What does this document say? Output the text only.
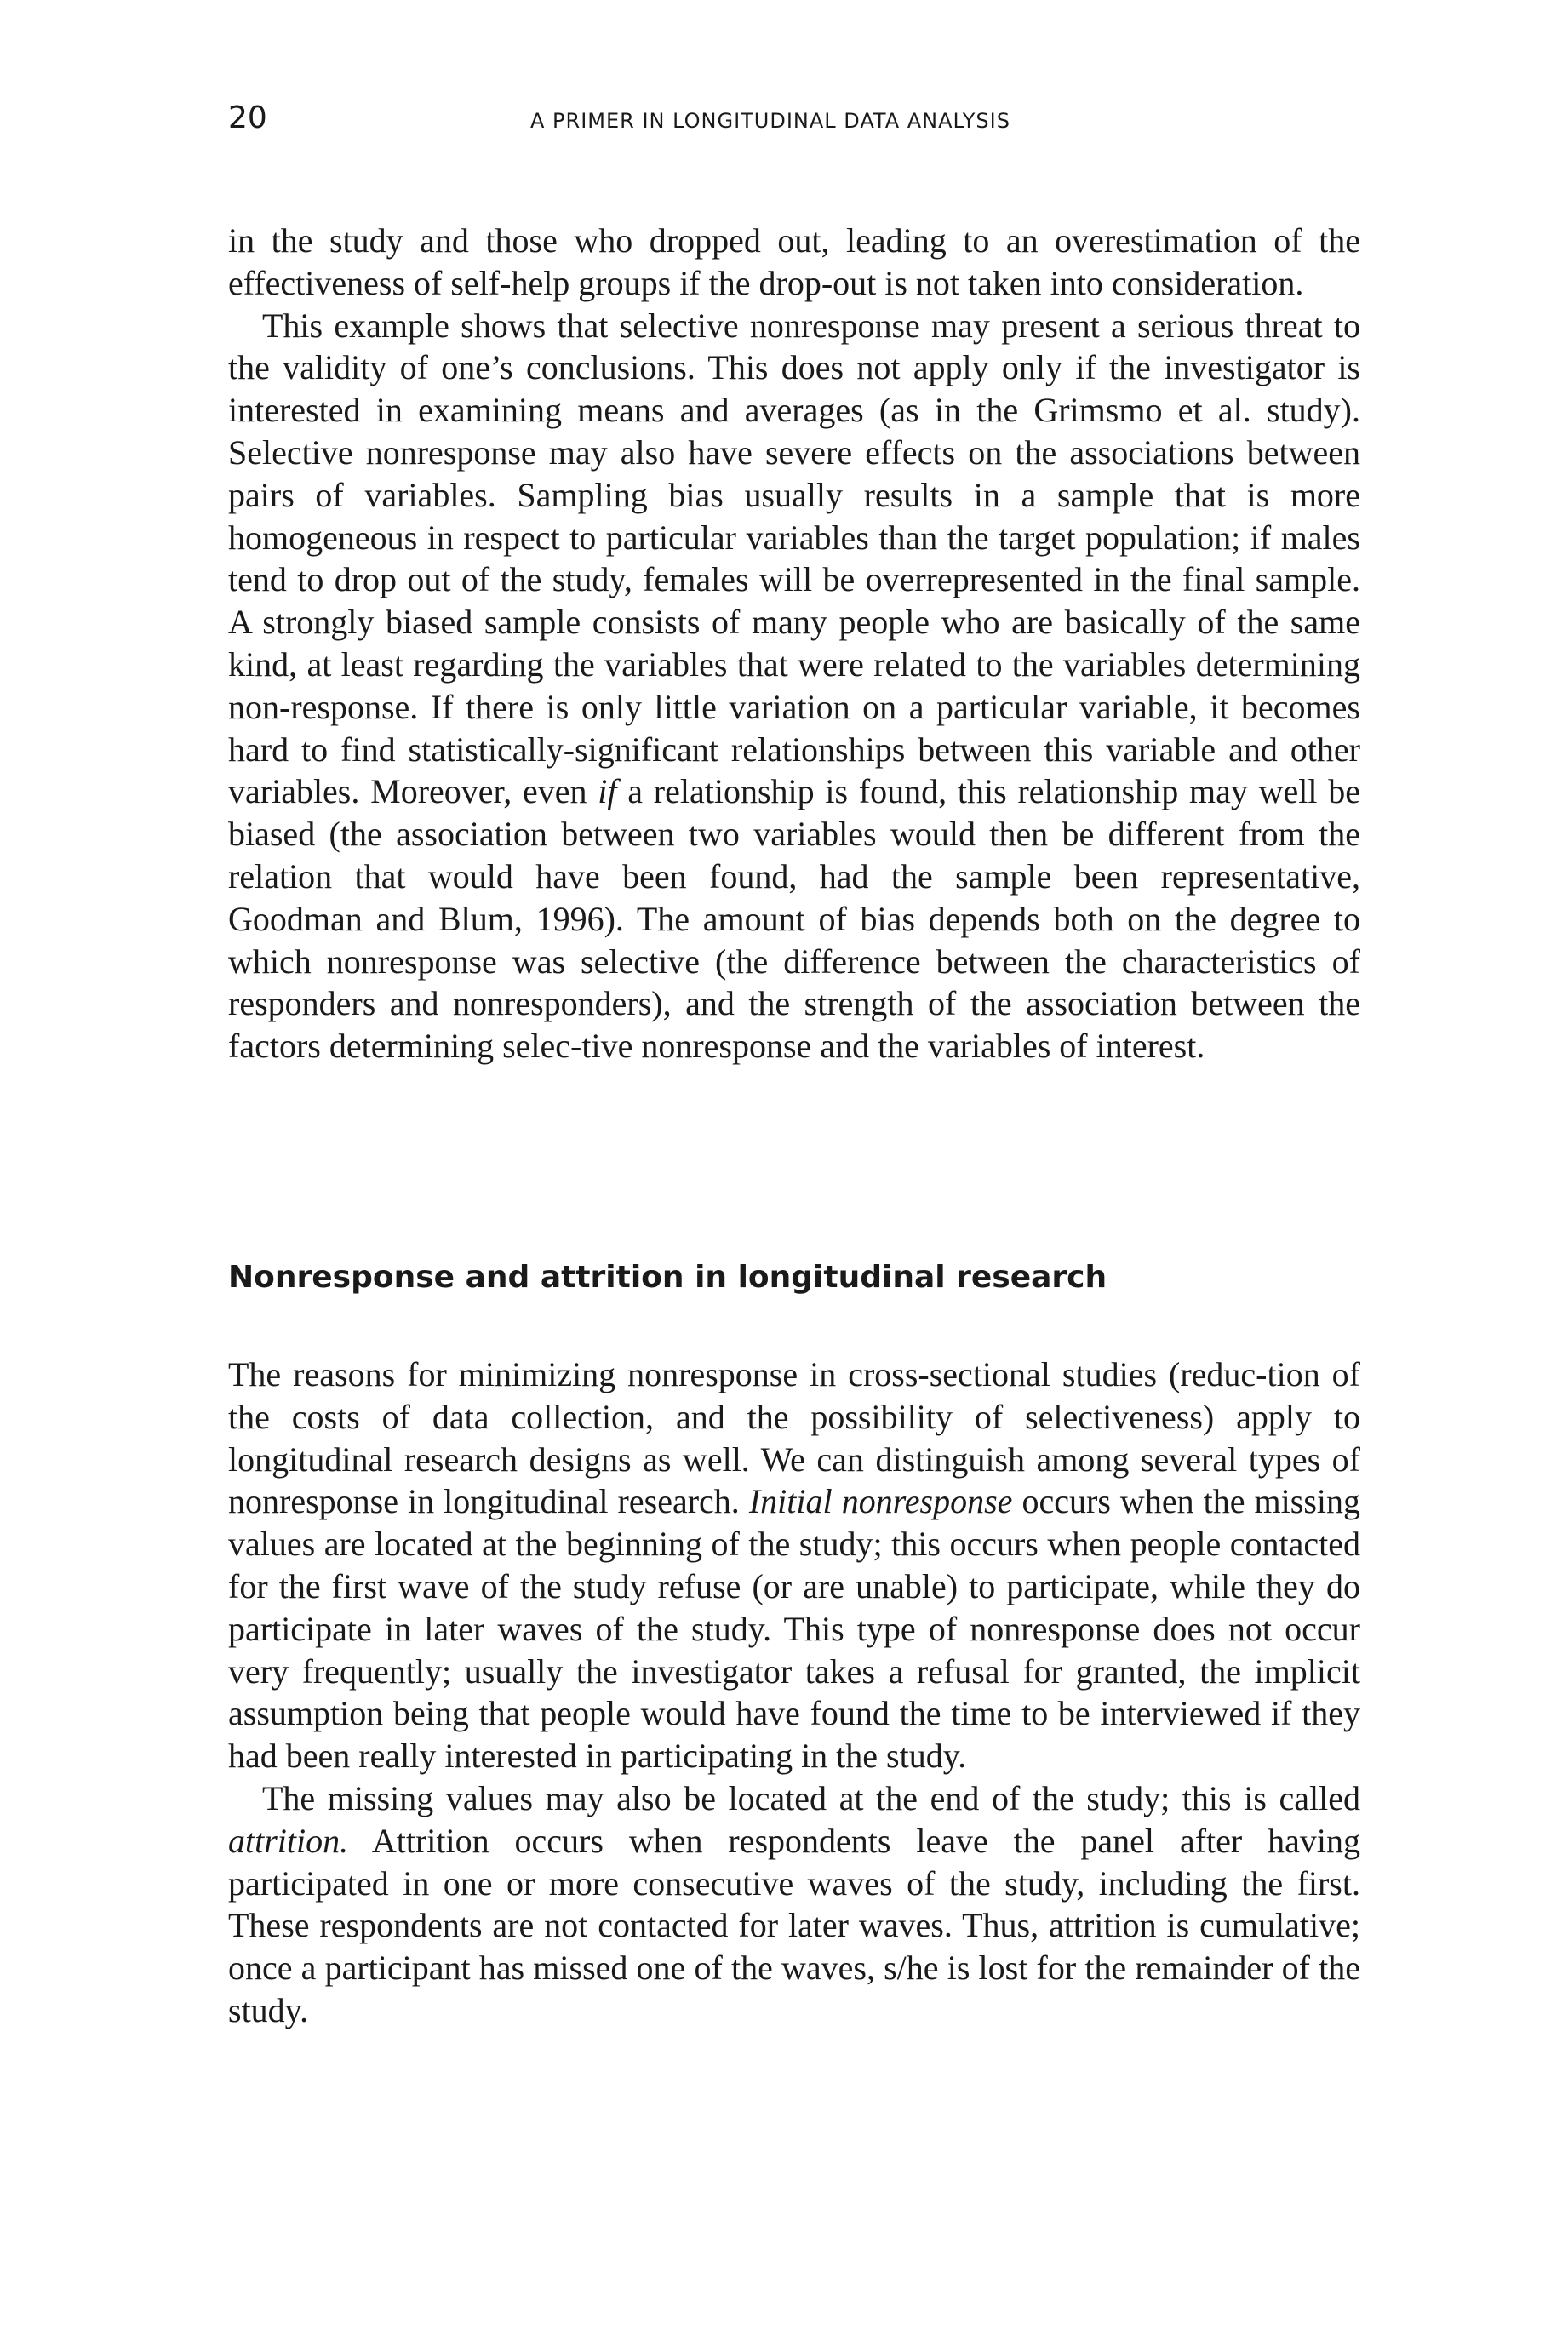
20	A PRIMER IN LONGITUDINAL DATA ANALYSIS

in the study and those who dropped out, leading to an overestimation of the effectiveness of self-help groups if the drop-out is not taken into consideration.

This example shows that selective nonresponse may present a serious threat to the validity of one’s conclusions. This does not apply only if the investigator is interested in examining means and averages (as in the Grimsmo et al. study). Selective nonresponse may also have severe effects on the associations between pairs of variables. Sampling bias usually results in a sample that is more homogeneous in respect to particular variables than the target population; if males tend to drop out of the study, females will be overrepresented in the final sample. A strongly biased sample consists of many people who are basically of the same kind, at least regarding the variables that were related to the variables determining non-response. If there is only little variation on a particular variable, it becomes hard to find statistically-significant relationships between this variable and other variables. Moreover, even if a relationship is found, this relationship may well be biased (the association between two variables would then be different from the relation that would have been found, had the sample been representative, Goodman and Blum, 1996). The amount of bias depends both on the degree to which nonresponse was selective (the difference between the characteristics of responders and nonresponders), and the strength of the association between the factors determining selec-tive nonresponse and the variables of interest.

Nonresponse and attrition in longitudinal research

The reasons for minimizing nonresponse in cross-sectional studies (reduc-tion of the costs of data collection, and the possibility of selectiveness) apply to longitudinal research designs as well. We can distinguish among several types of nonresponse in longitudinal research. Initial nonresponse occurs when the missing values are located at the beginning of the study; this occurs when people contacted for the first wave of the study refuse (or are unable) to participate, while they do participate in later waves of the study. This type of nonresponse does not occur very frequently; usually the investigator takes a refusal for granted, the implicit assumption being that people would have found the time to be interviewed if they had been really interested in participating in the study.

The missing values may also be located at the end of the study; this is called attrition. Attrition occurs when respondents leave the panel after having participated in one or more consecutive waves of the study, including the first. These respondents are not contacted for later waves. Thus, attrition is cumulative; once a participant has missed one of the waves, s/he is lost for the remainder of the study.
